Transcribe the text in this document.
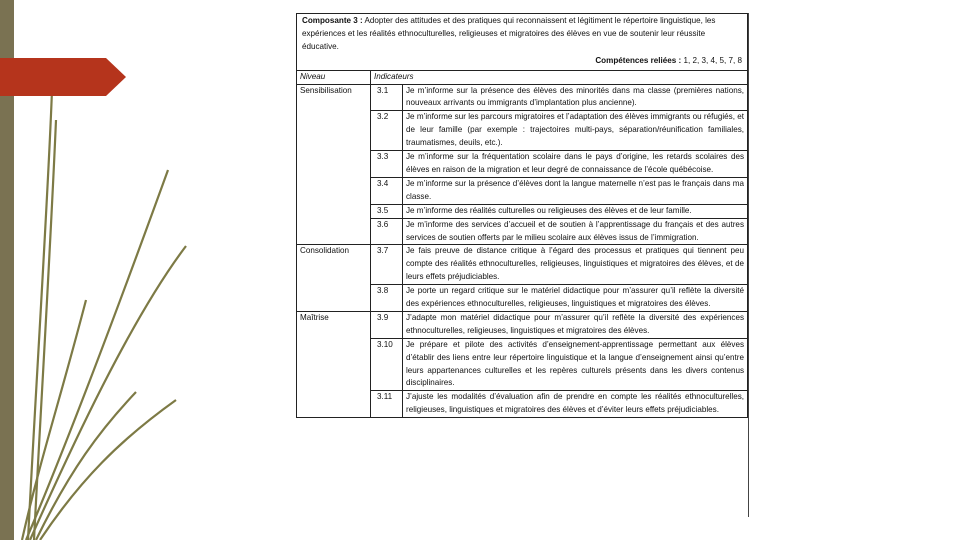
Composante 3 : Adopter des attitudes et des pratiques qui reconnaissent et légitiment le répertoire linguistique, les expériences et les réalités ethnoculturelles, religieuses et migratoires des élèves en vue de soutenir leur réussite éducative.
Compétences reliées : 1, 2, 3, 4, 5, 7, 8		

Niveau	Indicateurs	
Sensibilisation	3.1	Je m’informe sur la présence des élèves des minorités dans ma classe (premières nations, nouveaux arrivants ou immigrants d’implantation plus ancienne).
	3.2	Je m’informe sur les parcours migratoires et l’adaptation des élèves immigrants ou réfugiés, et de leur famille (par exemple : trajectoires multi-pays, séparation/réunification familiales, traumatismes, deuils, etc.).
	3.3	Je m’informe sur la fréquentation scolaire dans le pays d’origine, les retards scolaires des élèves en raison de la migration et leur degré de connaissance de l’école québécoise.
	3.4	Je m’informe sur la présence d’élèves dont la langue maternelle n’est pas le français dans ma classe.
	3.5	Je m’informe des réalités culturelles ou religieuses des élèves et de leur famille.
	3.6	Je m’informe des services d’accueil et de soutien à l’apprentissage du français et des autres services de soutien offerts par le milieu scolaire aux élèves issus de l’immigration.
Consolidation	3.7	Je fais preuve de distance critique à l’égard des processus et pratiques qui tiennent peu compte des réalités ethnoculturelles, religieuses, linguistiques et migratoires des élèves, et de leurs effets préjudiciables.
	3.8	Je porte un regard critique sur le matériel didactique pour m’assurer qu’il reflète la diversité des expériences ethnoculturelles, religieuses, linguistiques et migratoires des élèves.
Maîtrise	3.9	J’adapte mon matériel didactique pour m’assurer qu’il reflète la diversité des expériences ethnoculturelles, religieuses, linguistiques et migratoires des élèves.
	3.10	Je prépare et pilote des activités d’enseignement-apprentissage permettant aux élèves d’établir des liens entre leur répertoire linguistique et la langue d’enseignement ainsi qu’entre leurs appartenances culturelles et les repères culturels présents dans les divers contenus disciplinaires.
	3.11	J’ajuste les modalités d’évaluation afin de prendre en compte les réalités ethnoculturelles, religieuses, linguistiques et migratoires des élèves et d’éviter leurs effets préjudiciables.
